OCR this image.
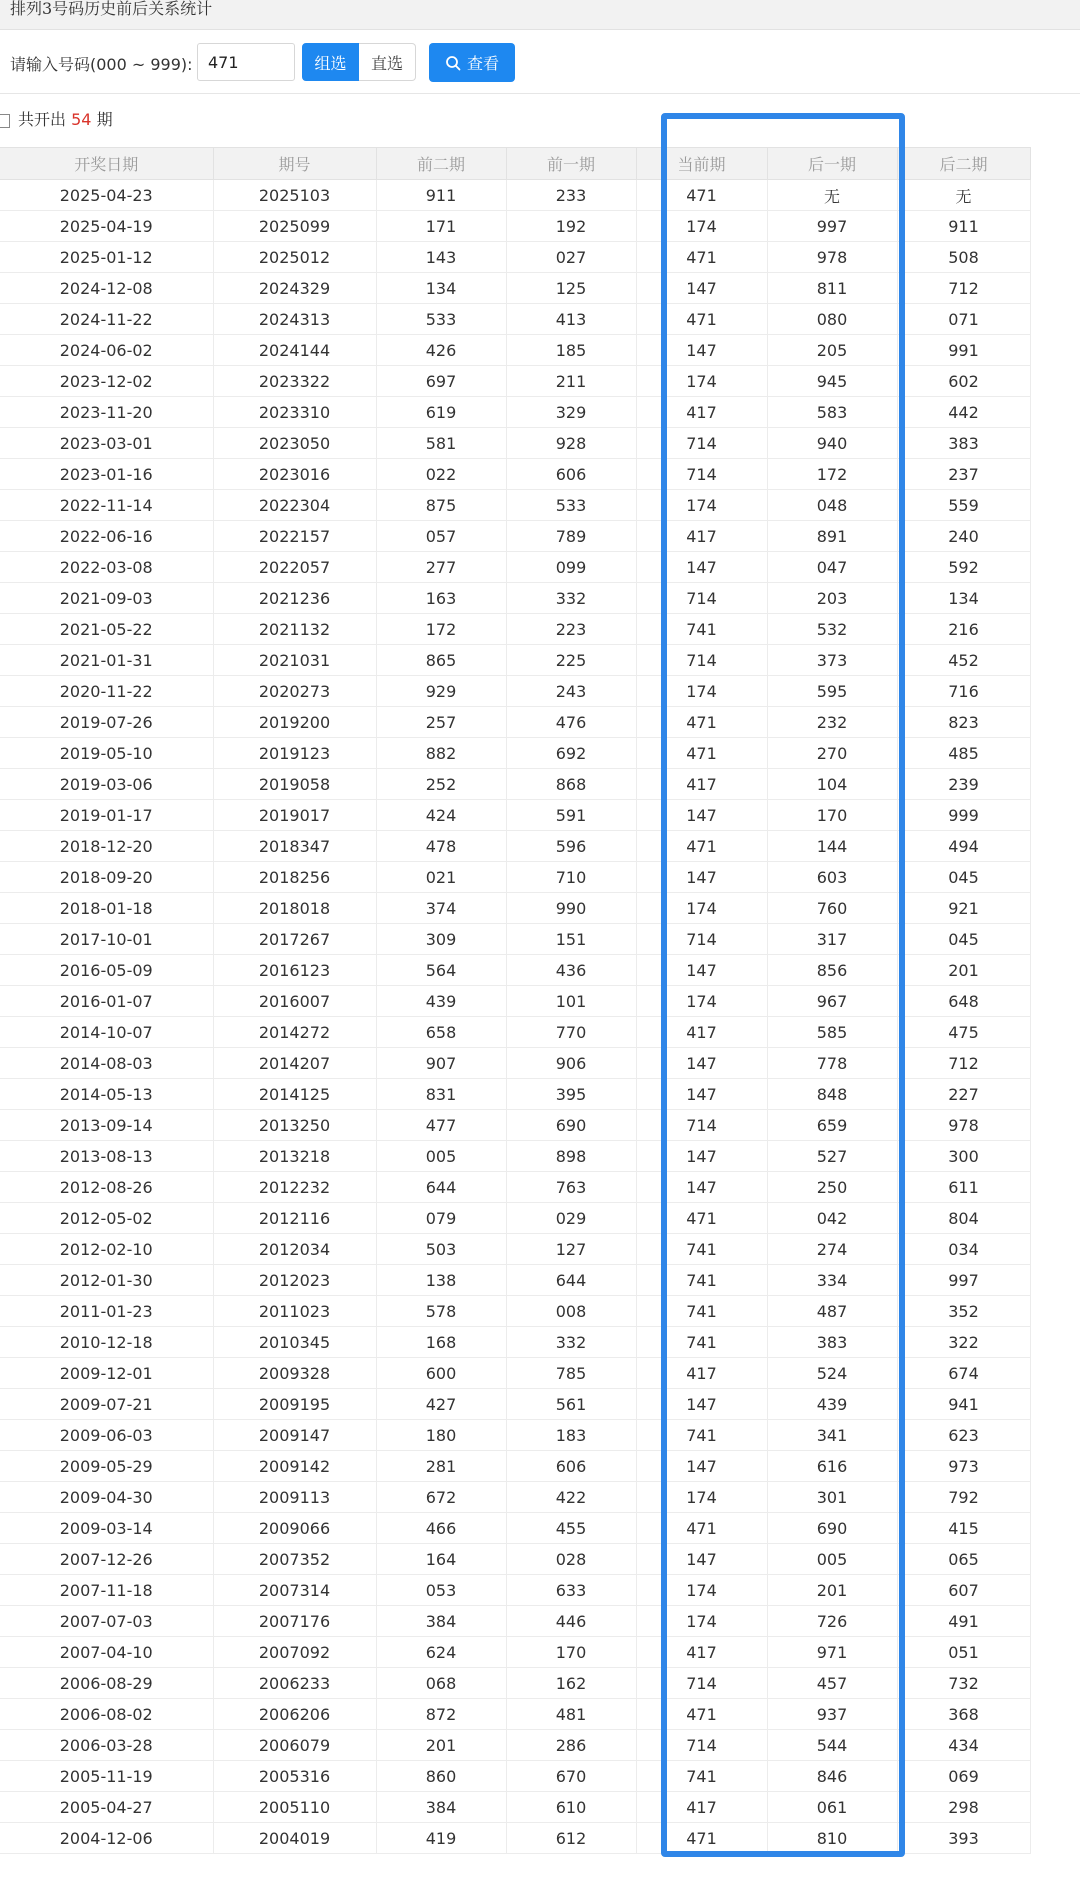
排列3号码历史前后关系统计
请输入号码(000 ~ 999):
471	组选	直选	查看
共开出 54 期
开奖日期	期号	前二期	前一期	当前期	后一期	后二期
2025-04-23	2025103	911	233	471	无	无
2025-04-19	2025099	171	192	174	997	911
2025-01-12	2025012	143	027	471	978	508
2024-12-08	2024329	134	125	147	811	712
2024-11-22	2024313	533	413	471	080	071
2024-06-02	2024144	426	185	147	205	991
2023-12-02	2023322	697	211	174	945	602
2023-11-20	2023310	619	329	417	583	442
2023-03-01	2023050	581	928	714	940	383
2023-01-16	2023016	022	606	714	172	237
2022-11-14	2022304	875	533	174	048	559
2022-06-16	2022157	057	789	417	891	240
2022-03-08	2022057	277	099	147	047	592
2021-09-03	2021236	163	332	714	203	134
2021-05-22	2021132	172	223	741	532	216
2021-01-31	2021031	865	225	714	373	452
2020-11-22	2020273	929	243	174	595	716
2019-07-26	2019200	257	476	471	232	823
2019-05-10	2019123	882	692	471	270	485
2019-03-06	2019058	252	868	417	104	239
2019-01-17	2019017	424	591	147	170	999
2018-12-20	2018347	478	596	471	144	494
2018-09-20	2018256	021	710	147	603	045
2018-01-18	2018018	374	990	174	760	921
2017-10-01	2017267	309	151	714	317	045
2016-05-09	2016123	564	436	147	856	201
2016-01-07	2016007	439	101	174	967	648
2014-10-07	2014272	658	770	417	585	475
2014-08-03	2014207	907	906	147	778	712
2014-05-13	2014125	831	395	147	848	227
2013-09-14	2013250	477	690	714	659	978
2013-08-13	2013218	005	898	147	527	300
2012-08-26	2012232	644	763	147	250	611
2012-05-02	2012116	079	029	471	042	804
2012-02-10	2012034	503	127	741	274	034
2012-01-30	2012023	138	644	741	334	997
2011-01-23	2011023	578	008	741	487	352
2010-12-18	2010345	168	332	741	383	322
2009-12-01	2009328	600	785	417	524	674
2009-07-21	2009195	427	561	147	439	941
2009-06-03	2009147	180	183	741	341	623
2009-05-29	2009142	281	606	147	616	973
2009-04-30	2009113	672	422	174	301	792
2009-03-14	2009066	466	455	471	690	415
2007-12-26	2007352	164	028	147	005	065
2007-11-18	2007314	053	633	174	201	607
2007-07-03	2007176	384	446	174	726	491
2007-04-10	2007092	624	170	417	971	051
2006-08-29	2006233	068	162	714	457	732
2006-08-02	2006206	872	481	471	937	368
2006-03-28	2006079	201	286	714	544	434
2005-11-19	2005316	860	670	741	846	069
2005-04-27	2005110	384	610	417	061	298
2004-12-06	2004019	419	612	471	810	393
